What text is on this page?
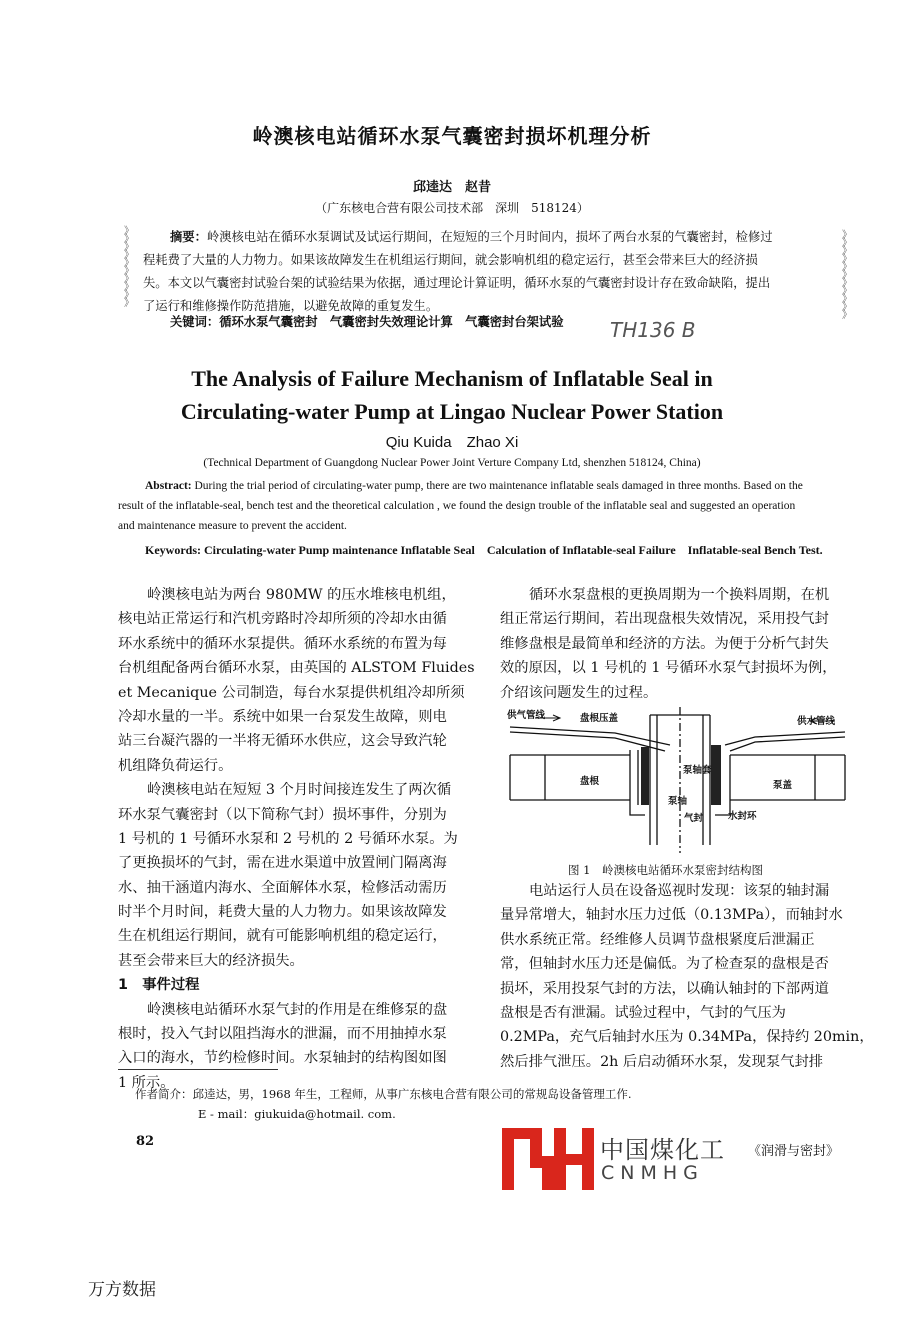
岭澳核电站循环水泵气囊密封损坏机理分析
邱逵达　赵昔
（广东核电合营有限公司技术部　深圳　518124）
》
》
》
》
》
》
》
》
》
》
》
》
》
》
》
》
》
》
》
》
》
摘要：岭澳核电站在循环水泵调试及试运行期间，在短短的三个月时间内，损坏了两台水泵的气囊密封，检修过
程耗费了大量的人力物力。如果该故障发生在机组运行期间，就会影响机组的稳定运行，甚至会带来巨大的经济损
失。本文以气囊密封试验台架的试验结果为依据，通过理论计算证明，循环水泵的气囊密封设计存在致命缺陷，提出
了运行和维修操作防范措施，以避免故障的重复发生。
关键词：循环水泵气囊密封　气囊密封失效理论计算　气囊密封台架试验 TH136 B
The Analysis of Failure Mechanism of Inflatable Seal in
Circulating-water Pump at Lingao Nuclear Power Station
Qiu Kuida　Zhao Xi
(Technical Department of Guangdong Nuclear Power Joint Verture Company Ltd, shenzhen 518124, China)
Abstract: During the trial period of circulating-water pump, there are two maintenance inflatable seals damaged in three months. Based on the
result of the inflatable-seal, bench test and the theoretical calculation , we found the design trouble of the inflatable seal and suggested an operation
and maintenance measure to prevent the accident.
Keywords: Circulating-water Pump maintenance Inflatable Seal　Calculation of Inflatable-seal Failure　Inflatable-seal Bench Test.
岭澳核电站为两台 980MW 的压水堆核电机组，
核电站正常运行和汽机旁路时冷却所须的冷却水由循
环水系统中的循环水泵提供。循环水系统的布置为每
台机组配备两台循环水泵，由英国的 ALSTOM Fluides
et Mecanique 公司制造，每台水泵提供机组冷却所须
冷却水量的一半。系统中如果一台泵发生故障，则电
站三台凝汽器的一半将无循环水供应，这会导致汽轮
机组降负荷运行。
岭澳核电站在短短 3 个月时间接连发生了两次循
环水泵气囊密封（以下简称气封）损坏事件，分别为
1 号机的 1 号循环水泵和 2 号机的 2 号循环水泵。为
了更换损坏的气封，需在进水渠道中放置闸门隔离海
水、抽干涵道内海水、全面解体水泵，检修活动需历
时半个月时间，耗费大量的人力物力。如果该故障发
生在机组运行期间，就有可能影响机组的稳定运行，
甚至会带来巨大的经济损失。
1　事件过程
岭澳核电站循环水泵气封的作用是在维修泵的盘
根时，投入气封以阻挡海水的泄漏，而不用抽掉水泵
入口的海水，节约检修时间。水泵轴封的结构图如图
1 所示。
循环水泵盘根的更换周期为一个换料周期，在机
组正常运行期间，若出现盘根失效情况，采用投气封
维修盘根是最简单和经济的方法。为便于分析气封失
效的原因，以 1 号机的 1 号循环水泵气封损坏为例，
介绍该问题发生的过程。
供气管线	盘根压盖	供水管线
泵轴套
盘根	泵盖
泵轴
气封	水封环
图 1　岭澳核电站循环水泵密封结构图
电站运行人员在设备巡视时发现：该泵的轴封漏
量异常增大，轴封水压力过低（0.13MPa），而轴封水
供水系统正常。经维修人员调节盘根紧度后泄漏正
常，但轴封水压力还是偏低。为了检查泵的盘根是否
损坏，采用投泵气封的方法，以确认轴封的下部两道
盘根是否有泄漏。试验过程中，气封的气压为
0.2MPa，充气后轴封水压为 0.34MPa，保持约 20min，
然后排气泄压。2h 后启动循环水泵，发现泵气封排
作者简介：邱逵达，男，1968 年生，工程师，从事广东核电合营有限公司的常规岛设备管理工作.
E - mail：giukuida@hotmail. com.
82	中国煤化工
CNMHG
《润滑与密封》
万方数据
